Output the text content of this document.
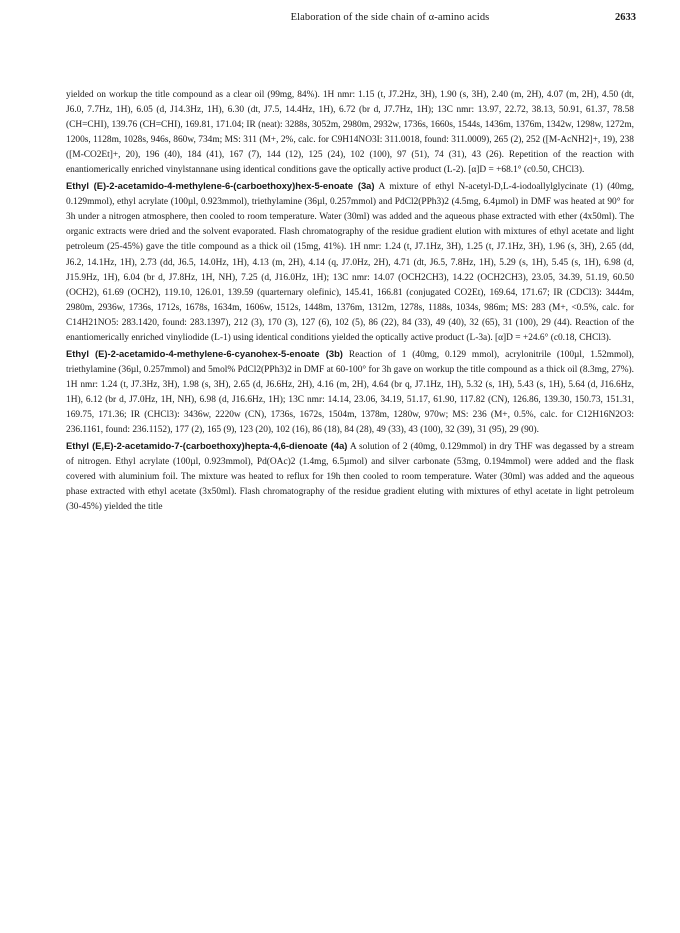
Elaboration of the side chain of α-amino acids	2633

yielded on workup the title compound as a clear oil (99mg, 84%). 1H nmr: 1.15 (t, J7.2Hz, 3H), 1.90 (s, 3H), 2.40 (m, 2H), 4.07 (m, 2H), 4.50 (dt, J6.0, 7.7Hz, 1H), 6.05 (d, J14.3Hz, 1H), 6.30 (dt, J7.5, 14.4Hz, 1H), 6.72 (br d, J7.7Hz, 1H); 13C nmr: 13.97, 22.72, 38.13, 50.91, 61.37, 78.58 (CH=CHI), 139.76 (CH=CHI), 169.81, 171.04; IR (neat): 3288s, 3052m, 2980m, 2932w, 1736s, 1660s, 1544s, 1436m, 1376m, 1342w, 1298w, 1272m, 1200s, 1128m, 1028s, 946s, 860w, 734m; MS: 311 (M+, 2%, calc. for C9H14NO3I: 311.0018, found: 311.0009), 265 (2), 252 ([M-AcNH2]+, 19), 238 ([M-CO2Et]+, 20), 196 (40), 184 (41), 167 (7), 144 (12), 125 (24), 102 (100), 97 (51), 74 (31), 43 (26). Repetition of the reaction with enantiomerically enriched vinylstannane using identical conditions gave the optically active product (L-2). [α]D = +68.1° (c0.50, CHCl3).

Ethyl (E)-2-acetamido-4-methylene-6-(carboethoxy)hex-5-enoate (3a) A mixture of ethyl N-acetyl-D,L-4-iodoallylglycinate (1) (40mg, 0.129mmol), ethyl acrylate (100µl, 0.923mmol), triethylamine (36µl, 0.257mmol) and PdCl2(PPh3)2 (4.5mg, 6.4µmol) in DMF was heated at 90° for 3h under a nitrogen atmosphere, then cooled to room temperature. Water (30ml) was added and the aqueous phase extracted with ether (4x50ml). The organic extracts were dried and the solvent evaporated. Flash chromatography of the residue gradient elution with mixtures of ethyl acetate and light petroleum (25-45%) gave the title compound as a thick oil (15mg, 41%). 1H nmr: 1.24 (t, J7.1Hz, 3H), 1.25 (t, J7.1Hz, 3H), 1.96 (s, 3H), 2.65 (dd, J6.2, 14.1Hz, 1H), 2.73 (dd, J6.5, 14.0Hz, 1H), 4.13 (m, 2H), 4.14 (q, J7.0Hz, 2H), 4.71 (dt, J6.5, 7.8Hz, 1H), 5.29 (s, 1H), 5.45 (s, 1H), 6.98 (d, J15.9Hz, 1H), 6.04 (br d, J7.8Hz, 1H, NH), 7.25 (d, J16.0Hz, 1H); 13C nmr: 14.07 (OCH2CH3), 14.22 (OCH2CH3), 23.05, 34.39, 51.19, 60.50 (OCH2), 61.69 (OCH2), 119.10, 126.01, 139.59 (quarternary olefinic), 145.41, 166.81 (conjugated CO2Et), 169.64, 171.67; IR (CDCl3): 3444m, 2980m, 2936w, 1736s, 1712s, 1678s, 1634m, 1606w, 1512s, 1448m, 1376m, 1312m, 1278s, 1188s, 1034s, 986m; MS: 283 (M+, <0.5%, calc. for C14H21NO5: 283.1420, found: 283.1397), 212 (3), 170 (3), 127 (6), 102 (5), 86 (22), 84 (33), 49 (40), 32 (65), 31 (100), 29 (44). Reaction of the enantiomerically enriched vinyliodide (L-1) using identical conditions yielded the optically active product (L-3a). [α]D = +24.6° (c0.18, CHCl3).

Ethyl (E)-2-acetamido-4-methylene-6-cyanohex-5-enoate (3b) Reaction of 1 (40mg, 0.129 mmol), acrylonitrile (100µl, 1.52mmol), triethylamine (36µl, 0.257mmol) and 5mol% PdCl2(PPh3)2 in DMF at 60-100° for 3h gave on workup the title compound as a thick oil (8.3mg, 27%). 1H nmr: 1.24 (t, J7.3Hz, 3H), 1.98 (s, 3H), 2.65 (d, J6.6Hz, 2H), 4.16 (m, 2H), 4.64 (br q, J7.1Hz, 1H), 5.32 (s, 1H), 5.43 (s, 1H), 5.64 (d, J16.6Hz, 1H), 6.12 (br d, J7.0Hz, 1H, NH), 6.98 (d, J16.6Hz, 1H); 13C nmr: 14.14, 23.06, 34.19, 51.17, 61.90, 117.82 (CN), 126.86, 139.30, 150.73, 151.31, 169.75, 171.36; IR (CHCl3): 3436w, 2220w (CN), 1736s, 1672s, 1504m, 1378m, 1280w, 970w; MS: 236 (M+, 0.5%, calc. for C12H16N2O3: 236.1161, found: 236.1152), 177 (2), 165 (9), 123 (20), 102 (16), 86 (18), 84 (28), 49 (33), 43 (100), 32 (39), 31 (95), 29 (90).

Ethyl (E,E)-2-acetamido-7-(carboethoxy)hepta-4,6-dienoate (4a) A solution of 2 (40mg, 0.129mmol) in dry THF was degassed by a stream of nitrogen. Ethyl acrylate (100µl, 0.923mmol), Pd(OAc)2 (1.4mg, 6.5µmol) and silver carbonate (53mg, 0.194mmol) were added and the flask covered with aluminium foil. The mixture was heated to reflux for 19h then cooled to room temperature. Water (30ml) was added and the aqueous phase extracted with ethyl acetate (3x50ml). Flash chromatography of the residue gradient eluting with mixtures of ethyl acetate in light petroleum (30-45%) yielded the title
